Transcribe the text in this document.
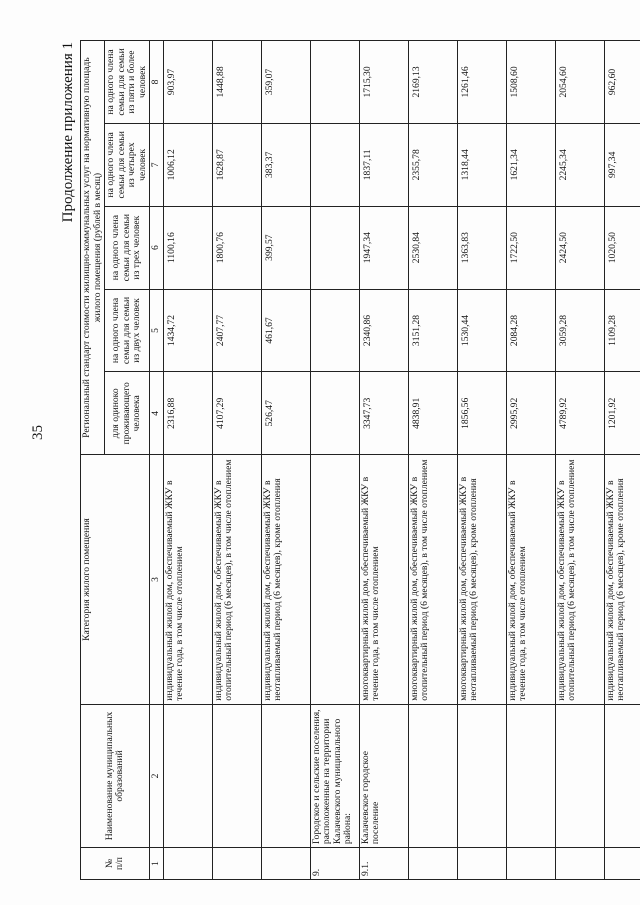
35
Продолжение приложения 1
№
п/п	Наименование муниципальных образований	Категория жилого помещения	Региональный стандарт стоимости жилищно-коммунальных услуг на нормативную площадь жилого помещения (рублей в месяц)				
			для одиноко проживающего человека	на одного члена семьи для семьи из двух человек	на одного члена семьи для семьи из трех человек	на одного члена семьи для семьи из четырех человек	на одного члена семьи для семьи из пяти и более человек
1	2	3	4	5	6	7	8
		индивидуальный жилой дом, обеспечиваемый ЖКУ в течение года, в том числе отоплением	2316,88	1434,72	1100,16	1006,12	903,97
		индивидуальный жилой дом, обеспечиваемый ЖКУ в отопительный период (6 месяцев), в том числе отоплением	4107,29	2407,77	1800,76	1628,87	1448,88
		индивидуальный жилой дом, обеспечиваемый ЖКУ в неотапливаемый период (6 месяцев), кроме отопления	526,47	461,67	399,57	383,37	359,07
9.	Городское и сельские поселения, расположенные на территории Калачевского муниципального района:						
9.1.	Калачевское городское поселение	многоквартирный жилой дом, обеспечиваемый ЖКУ в течение года, в том числе отоплением	3347,73	2340,86	1947,34	1837,11	1715,30
		многоквартирный жилой дом, обеспечиваемый ЖКУ в отопительный период (6 месяцев), в том числе отоплением	4838,91	3151,28	2530,84	2355,78	2169,13
		многоквартирный жилой дом, обеспечиваемый ЖКУ в неотапливаемый период (6 месяцев), кроме отопления	1856,56	1530,44	1363,83	1318,44	1261,46
		индивидуальный жилой дом, обеспечиваемый ЖКУ в течение года, в том числе отоплением	2995,92	2084,28	1722,50	1621,34	1508,60
		индивидуальный жилой дом, обеспечиваемый ЖКУ в отопительный период (6 месяцев), в том числе отоплением	4789,92	3059,28	2424,50	2245,34	2054,60
		индивидуальный жилой дом, обеспечиваемый ЖКУ в неотапливаемый период (6 месяцев), кроме отопления	1201,92	1109,28	1020,50	997,34	962,60
